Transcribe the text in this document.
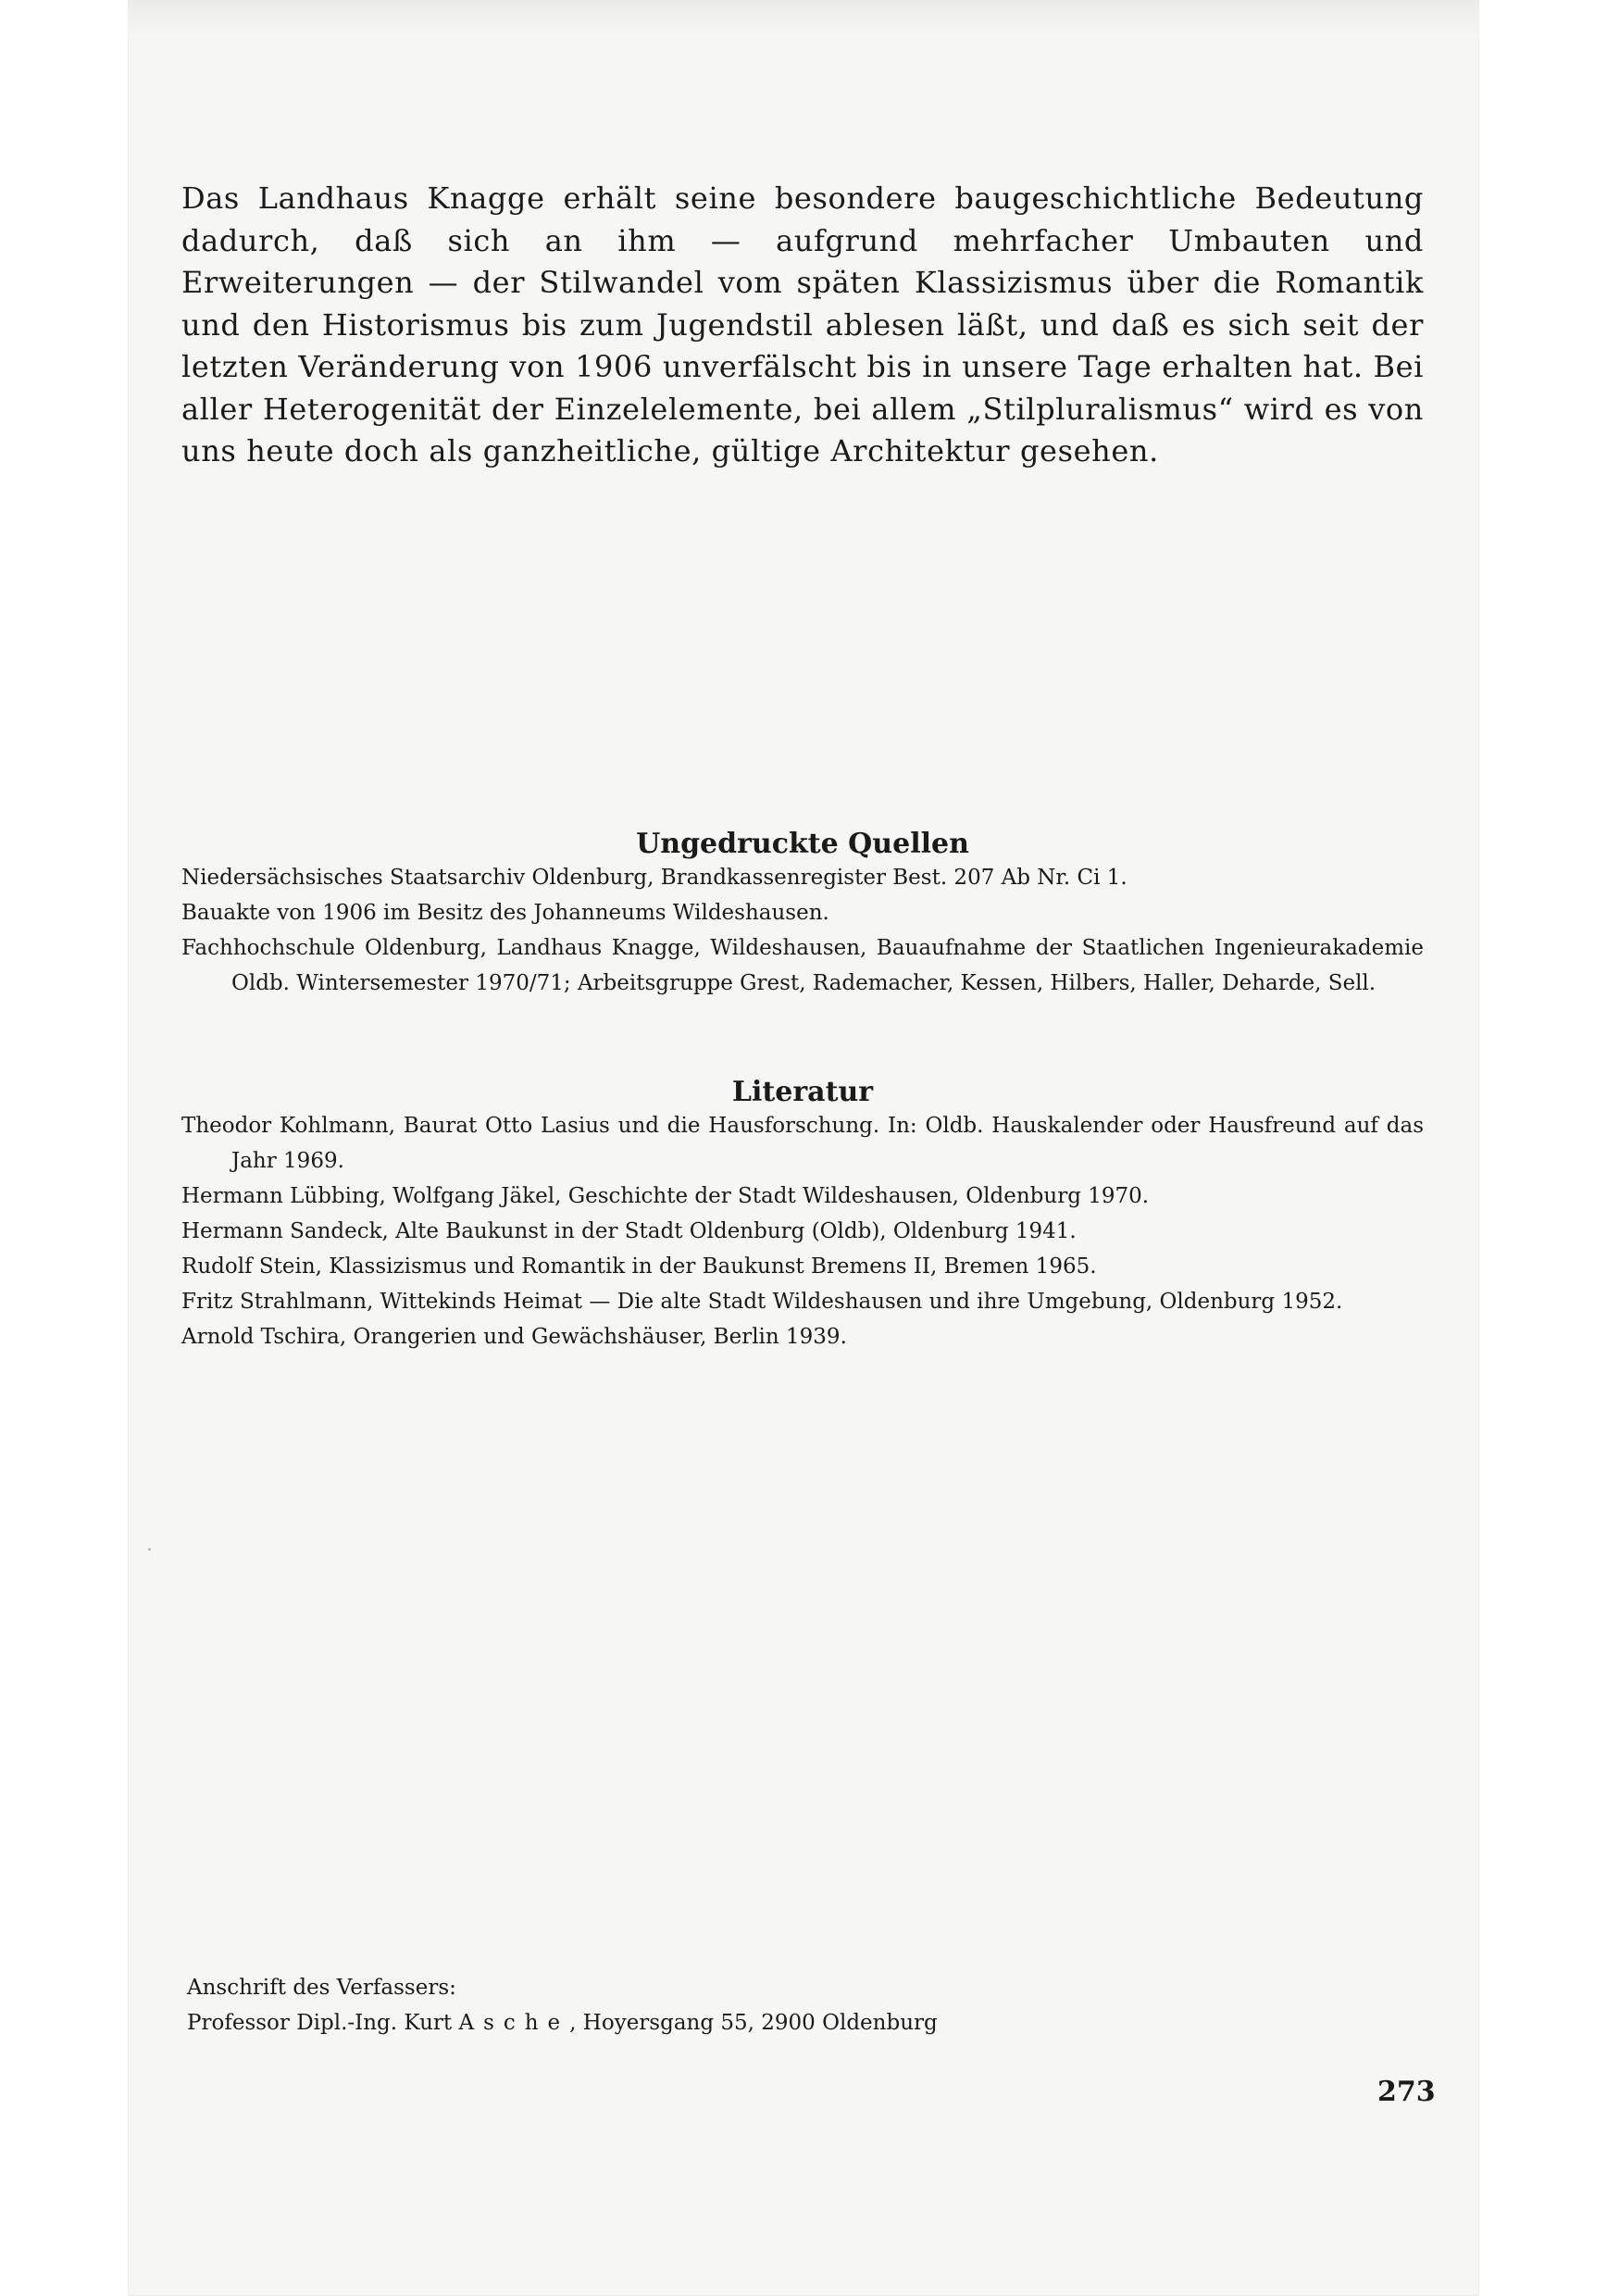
Das Landhaus Knagge erhält seine besondere baugeschichtliche Bedeutung dadurch, daß sich an ihm — aufgrund mehrfacher Umbauten und Erweiterungen — der Stilwandel vom späten Klassizismus über die Romantik und den Historismus bis zum Jugendstil ablesen läßt, und daß es sich seit der letzten Veränderung von 1906 unverfälscht bis in unsere Tage erhalten hat. Bei aller Heterogenität der Einzelelemente, bei allem „Stilpluralismus“ wird es von uns heute doch als ganzheitliche, gültige Architektur gesehen.

Ungedruckte Quellen
Niedersächsisches Staatsarchiv Oldenburg, Brandkassenregister Best. 207 Ab Nr. Ci 1.
Bauakte von 1906 im Besitz des Johanneums Wildeshausen.
Fachhochschule Oldenburg, Landhaus Knagge, Wildeshausen, Bauaufnahme der Staatlichen Ingenieurakademie Oldb. Wintersemester 1970/71; Arbeitsgruppe Grest, Rademacher, Kessen, Hilbers, Haller, Deharde, Sell.
Literatur
Theodor Kohlmann, Baurat Otto Lasius und die Hausforschung. In: Oldb. Hauskalender oder Hausfreund auf das Jahr 1969.
Hermann Lübbing, Wolfgang Jäkel, Geschichte der Stadt Wildeshausen, Oldenburg 1970.
Hermann Sandeck, Alte Baukunst in der Stadt Oldenburg (Oldb), Oldenburg 1941.
Rudolf Stein, Klassizismus und Romantik in der Baukunst Bremens II, Bremen 1965.
Fritz Strahlmann, Wittekinds Heimat — Die alte Stadt Wildeshausen und ihre Umgebung, Oldenburg 1952.
Arnold Tschira, Orangerien und Gewächshäuser, Berlin 1939.
Anschrift des Verfassers:
Professor Dipl.-Ing. Kurt Asche, Hoyersgang 55, 2900 Oldenburg
273
